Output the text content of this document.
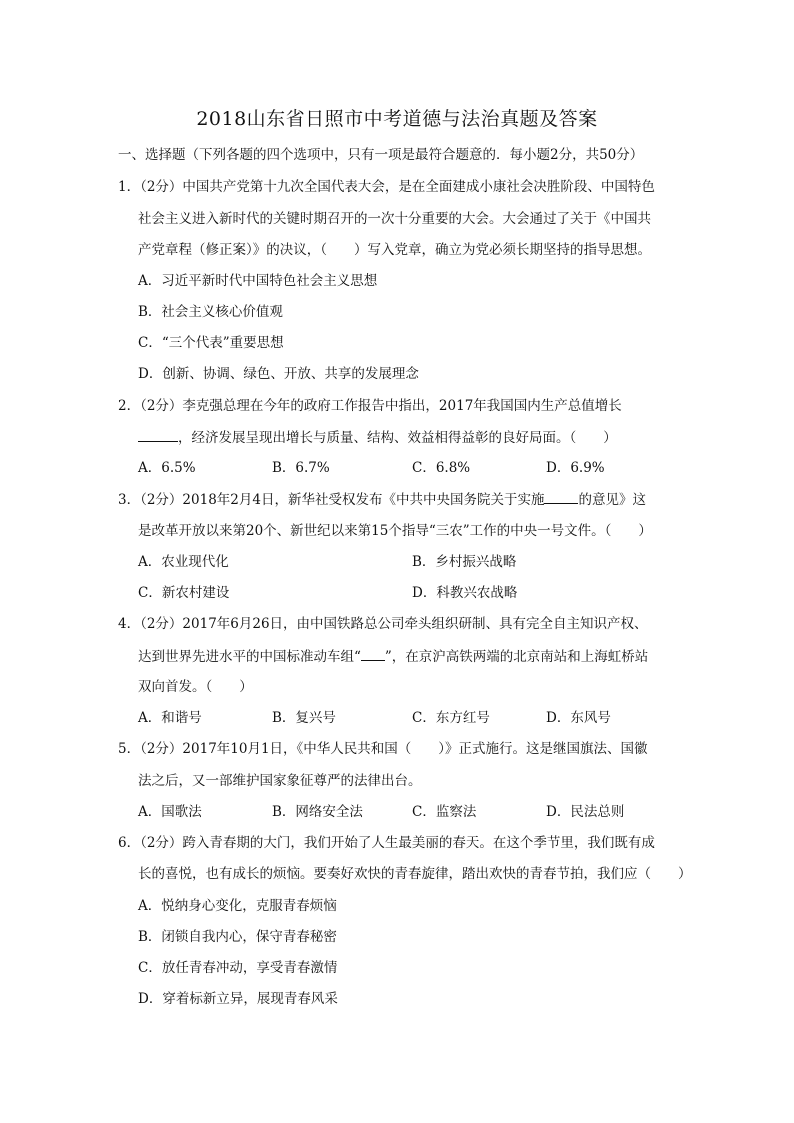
2018山东省日照市中考道德与法治真题及答案
一、选择题（下列各题的四个选项中，只有一项是最符合题意的．每小题2分，共50分）
1．（2分）中国共产党第十九次全国代表大会，是在全面建成小康社会决胜阶段、中国特色
社会主义进入新时代的关键时期召开的一次十分重要的大会。大会通过了关于《中国共
产党章程（修正案）》的决议，（　　）写入党章，确立为党必须长期坚持的指导思想。
A．习近平新时代中国特色社会主义思想
B．社会主义核心价值观
C．“三个代表”重要思想
D．创新、协调、绿色、开放、共享的发展理念
2．（2分）李克强总理在今年的政府工作报告中指出，2017年我国国内生产总值增长
，经济发展呈现出增长与质量、结构、效益相得益彰的良好局面。（　　）
A．6.5%	B．6.7%	C．6.8%	D．6.9%
3．（2分）2018年2月4日，新华社受权发布《中共中央国务院关于实施	的意见》这
是改革开放以来第20个、新世纪以来第15个指导“三农”工作的中央一号文件。（　　）
A．农业现代化	B．乡村振兴战略
C．新农村建设	D．科教兴农战略
4．（2分）2017年6月26日，由中国铁路总公司牵头组织研制、具有完全自主知识产权、
达到世界先进水平的中国标准动车组“ ”，在京沪高铁两端的北京南站和上海虹桥站
双向首发。（　　）
A．和谐号	B．复兴号	C．东方红号	D．东风号
5．（2分）2017年10月1日，《中华人民共和国（　　）》正式施行。这是继国旗法、国徽
法之后，又一部维护国家象征尊严的法律出台。
A．国歌法	B．网络安全法	C．监察法	D．民法总则
6．（2分）跨入青春期的大门，我们开始了人生最美丽的春天。在这个季节里，我们既有成
长的喜悦，也有成长的烦恼。要奏好欢快的青春旋律，踏出欢快的青春节拍，我们应（　　）
A．悦纳身心变化，克服青春烦恼
B．闭锁自我内心，保守青春秘密
C．放任青春冲动，享受青春激情
D．穿着标新立异，展现青春风采
